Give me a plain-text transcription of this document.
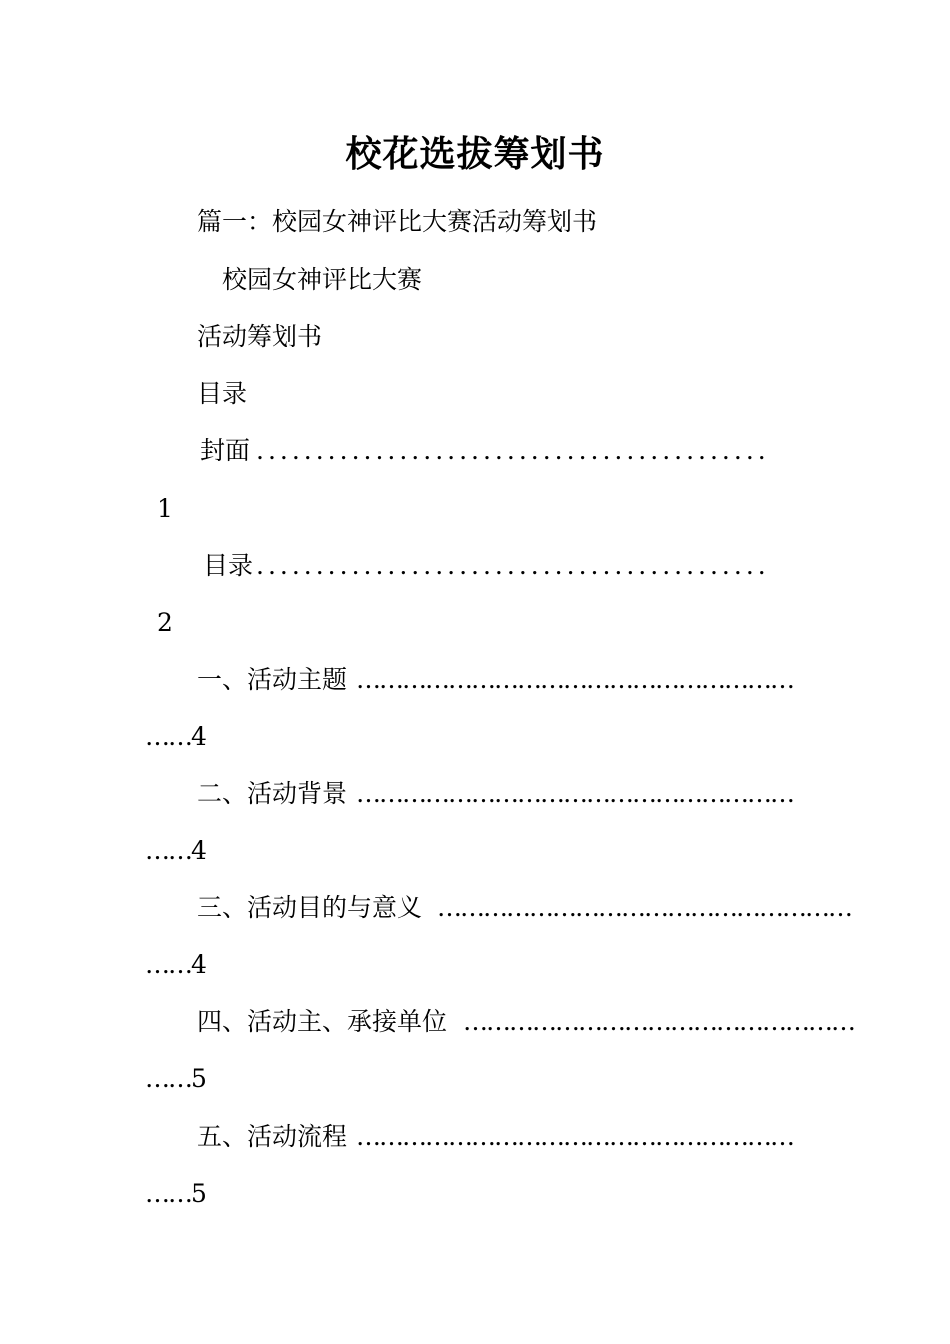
校花选拔筹划书
篇一：校园女神评比大赛活动筹划书
校园女神评比大赛
活动筹划书
目录
封面 ...........................................
1
目录 ...........................................
2
一、活动主题 …………………………………………………
……4
二、活动背景 …………………………………………………
……4
三、活动目的与意义 ………………………………………………
……4
四、活动主、承接单位 ……………………………………………
……5
五、活动流程 …………………………………………………
……5
